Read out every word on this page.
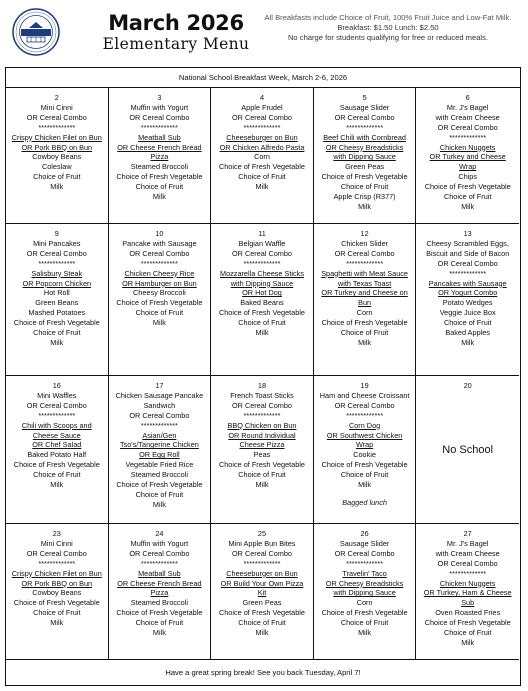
March 2026
Elementary Menu
All Breakfasts include Choice of Fruit, 100% Fruit Juice and Low-Fat Milk.
Breakfast: $1.50 Lunch: $2.50
No charge for students qualifying for free or reduced meals.
National School Breakfast Week, March 2-6, 2026
2
Mini Cinni
OR Cereal Combo
*************
Crispy Chicken Filet on Bun
OR Pork BBQ on Bun
Cowboy Beans
Coleslaw
Choice of Fruit
Milk
3
Muffin with Yogurt
OR Cereal Combo
*************
Meatball Sub
OR Cheese French Bread
Pizza
Steamed Broccoli
Choice of Fresh Vegetable
Choice of Fruit
Milk
4
Apple Frudel
OR Cereal Combo
*************
Cheeseburger on Bun
OR Chicken Alfredo Pasta
Corn
Choice of Fresh Vegetable
Choice of Fruit
Milk
5
Sausage Slider
OR Cereal Combo
*************
Beef Chili with Cornbread
OR Cheesy Breadsticks
with Dipping Sauce
Green Peas
Choice of Fresh Vegetable
Choice of Fruit
Apple Crisp (R377)
Milk
6
Mr. J's Bagel
with Cream Cheese
OR Cereal Combo
*************
Chicken Nuggets
OR Turkey and Cheese
Wrap
Chips
Choice of Fresh Vegetable
Choice of Fruit
Milk
9
Mini Pancakes
OR Cereal Combo
*************
Salisbury Steak
OR Popcorn Chicken
Hot Roll
Green Beans
Mashed Potatoes
Choice of Fresh Vegetable
Choice of Fruit
Milk
10
Pancake with Sausage
OR Cereal Combo
*************
Chicken Cheesy Rice
OR Hamburger on Bun
Cheesy Broccoli
Choice of Fresh Vegetable
Choice of Fruit
Milk
11
Belgian Waffle
OR Cereal Combo
*************
Mozzarella Cheese Sticks
with Dipping Sauce
OR Hot Dog
Baked Beans
Choice of Fresh Vegetable
Choice of Fruit
Milk
12
Chicken Slider
OR Cereal Combo
*************
Spaghetti with Meat Sauce
with Texas Toast
OR Turkey and Cheese on
Bun
Corn
Choice of Fresh Vegetable
Choice of Fruit
Milk
13
Cheesy Scrambled Eggs,
Biscuit and Side of Bacon
OR Cereal Combo
*************
Pancakes with Sausage
OR Yogurt Combo
Potato Wedges
Veggie Juice Box
Choice of Fruit
Baked Apples
Milk
16
Mini Waffles
OR Cereal Combo
*************
Chili with Scoops and
Cheese Sauce
OR Chef Salad
Baked Potato Half
Choice of Fresh Vegetable
Choice of Fruit
Milk
17
Chicken Sausage Pancake
Sandwich
OR Cereal Combo
*************
Asian/Gen
Tso's/Tangerine Chicken
OR Egg Roll
Vegetable Fried Rice
Steamed Broccoli
Choice of Fresh Vegetable
Choice of Fruit
Milk
18
French Toast Sticks
OR Cereal Combo
*************
BBQ Chicken on Bun
OR Round Individual
Cheese Pizza
Peas
Choice of Fresh Vegetable
Choice of Fruit
Milk
19
Ham and Cheese Croissant
OR Cereal Combo
*************
Corn Dog
OR Southwest Chicken
Wrap
Cookie
Choice of Fresh Vegetable
Choice of Fruit
Milk
Bagged lunch
20
No School
23
Mini Cinni
OR Cereal Combo
*************
Crispy Chicken Filet on Bun
OR Pork BBQ on Bun
Cowboy Beans
Choice of Fresh Vegetable
Choice of Fruit
Milk
24
Muffin with Yogurt
OR Cereal Combo
*************
Meatball Sub
OR Cheese French Bread
Pizza
Steamed Broccoli
Choice of Fresh Vegetable
Choice of Fruit
Milk
25
Mini Apple Bun Bites
OR Cereal Combo
*************
Cheeseburger on Bun
OR Build Your Own Pizza
Kit
Green Peas
Choice of Fresh Vegetable
Choice of Fruit
Milk
26
Sausage Slider
OR Cereal Combo
*************
Travelin' Taco
OR Cheesy Breadsticks
with Dipping Sauce
Corn
Choice of Fresh Vegetable
Choice of Fruit
Milk
27
Mr. J's Bagel
with Cream Cheese
OR Cereal Combo
*************
Chicken Nuggets
OR Turkey, Ham & Cheese
Sub
Oven Roasted Fries
Choice of Fresh Vegetable
Choice of Fruit
Milk
Have a great spring break! See you back Tuesday, April 7!
